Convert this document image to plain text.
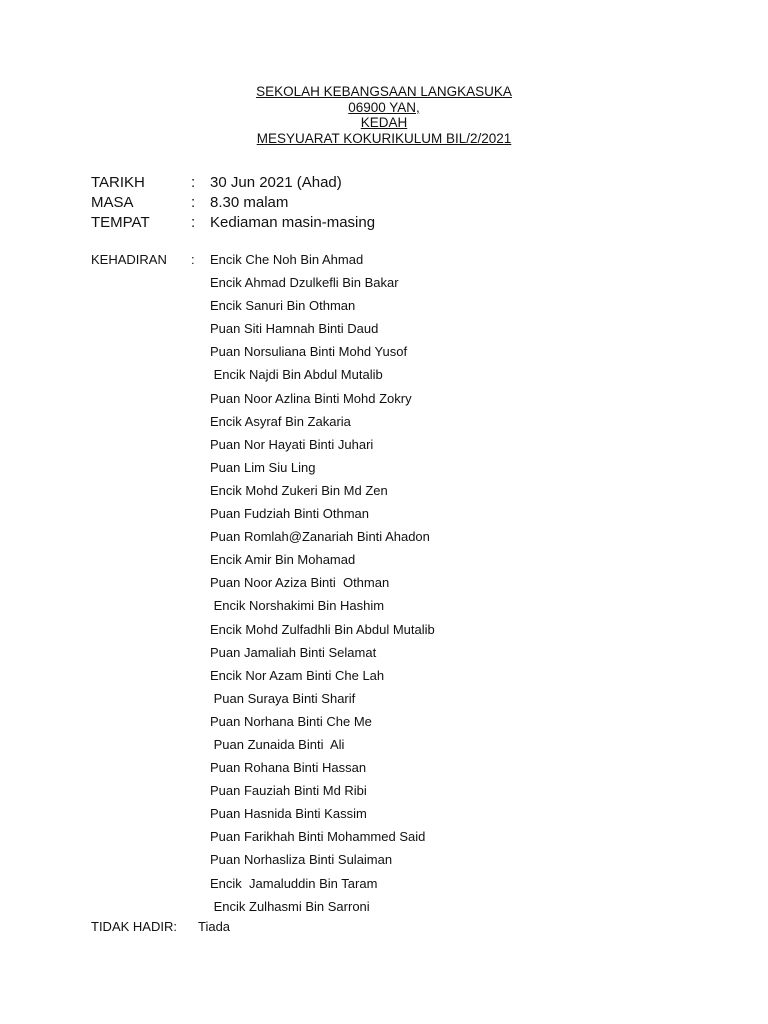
SEKOLAH KEBANGSAAN LANGKASUKA
06900 YAN,
KEDAH
MESYUARAT KOKURIKULUM BIL/2/2021
TARIKH	: 30 Jun 2021 (Ahad)
MASA	: 8.30 malam
TEMPAT	: Kediaman masin-masing
KEHADIRAN : Encik Che Noh Bin Ahmad
Encik Ahmad Dzulkefli Bin Bakar
Encik Sanuri Bin Othman
Puan Siti Hamnah Binti Daud
Puan Norsuliana Binti Mohd Yusof
Encik Najdi Bin Abdul Mutalib
Puan Noor Azlina Binti Mohd Zokry
Encik Asyraf Bin Zakaria
Puan Nor Hayati Binti Juhari
Puan Lim Siu Ling
Encik Mohd Zukeri Bin Md Zen
Puan Fudziah Binti Othman
Puan Romlah@Zanariah Binti Ahadon
Encik Amir Bin Mohamad
Puan Noor Aziza Binti  Othman
Encik Norshakimi Bin Hashim
Encik Mohd Zulfadhli Bin Abdul Mutalib
Puan Jamaliah Binti Selamat
Encik Nor Azam Binti Che Lah
Puan Suraya Binti Sharif
Puan Norhana Binti Che Me
Puan Zunaida Binti  Ali
Puan Rohana Binti Hassan
Puan Fauziah Binti Md Ribi
Puan Hasnida Binti Kassim
Puan Farikhah Binti Mohammed Said
Puan Norhasliza Binti Sulaiman
Encik  Jamaluddin Bin Taram
Encik Zulhasmi Bin Sarroni
TIDAK HADIR: Tiada
